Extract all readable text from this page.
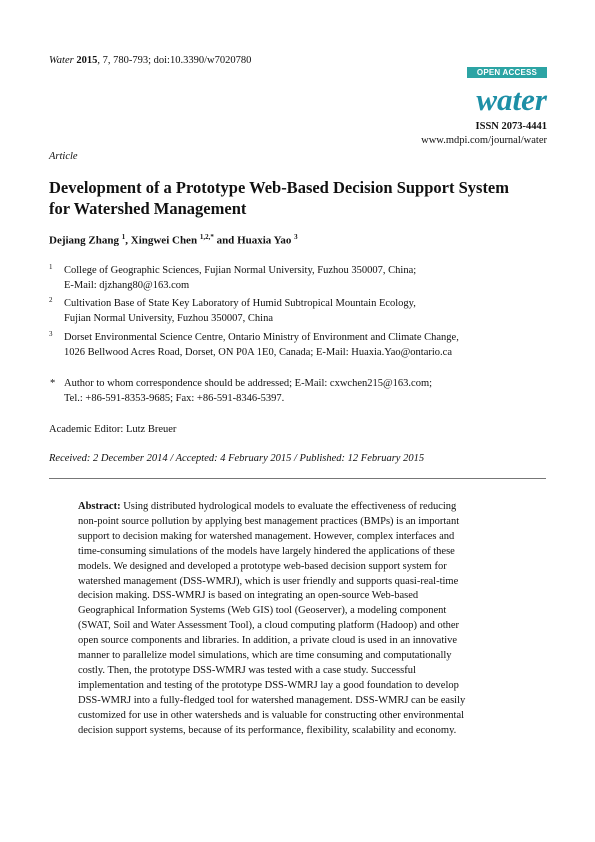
Water 2015, 7, 780-793; doi:10.3390/w7020780
OPEN ACCESS
water
ISSN 2073-4441
www.mdpi.com/journal/water
Article
Development of a Prototype Web-Based Decision Support System for Watershed Management
Dejiang Zhang $^1$, Xingwei Chen $^{1,2,*}$ and Huaxia Yao $^3$
1 College of Geographic Sciences, Fujian Normal University, Fuzhou 350007, China;
E-Mail: djzhang80@163.com
2 Cultivation Base of State Key Laboratory of Humid Subtropical Mountain Ecology,
Fujian Normal University, Fuzhou 350007, China
3 Dorset Environmental Science Centre, Ontario Ministry of Environment and Climate Change,
1026 Bellwood Acres Road, Dorset, ON P0A 1E0, Canada; E-Mail: Huaxia.Yao@ontario.ca
* Author to whom correspondence should be addressed; E-Mail: cxwchen215@163.com;
Tel.: +86-591-8353-9685; Fax: +86-591-8346-5397.
Academic Editor: Lutz Breuer
Received: 2 December 2014 / Accepted: 4 February 2015 / Published: 12 February 2015
Abstract: Using distributed hydrological models to evaluate the effectiveness of reducing
non-point source pollution by applying best management practices (BMPs) is an important
support to decision making for watershed management. However, complex interfaces and
time-consuming simulations of the models have largely hindered the applications of these
models. We designed and developed a prototype web-based decision support system for
watershed management (DSS-WMRJ), which is user friendly and supports quasi-real-time
decision making. DSS-WMRJ is based on integrating an open-source Web-based
Geographical Information Systems (Web GIS) tool (Geoserver), a modeling component
(SWAT, Soil and Water Assessment Tool), a cloud computing platform (Hadoop) and other
open source components and libraries. In addition, a private cloud is used in an innovative
manner to parallelize model simulations, which are time consuming and computationally
costly. Then, the prototype DSS-WMRJ was tested with a case study. Successful
implementation and testing of the prototype DSS-WMRJ lay a good foundation to develop
DSS-WMRJ into a fully-fledged tool for watershed management. DSS-WMRJ can be easily
customized for use in other watersheds and is valuable for constructing other environmental
decision support systems, because of its performance, flexibility, scalability and economy.
